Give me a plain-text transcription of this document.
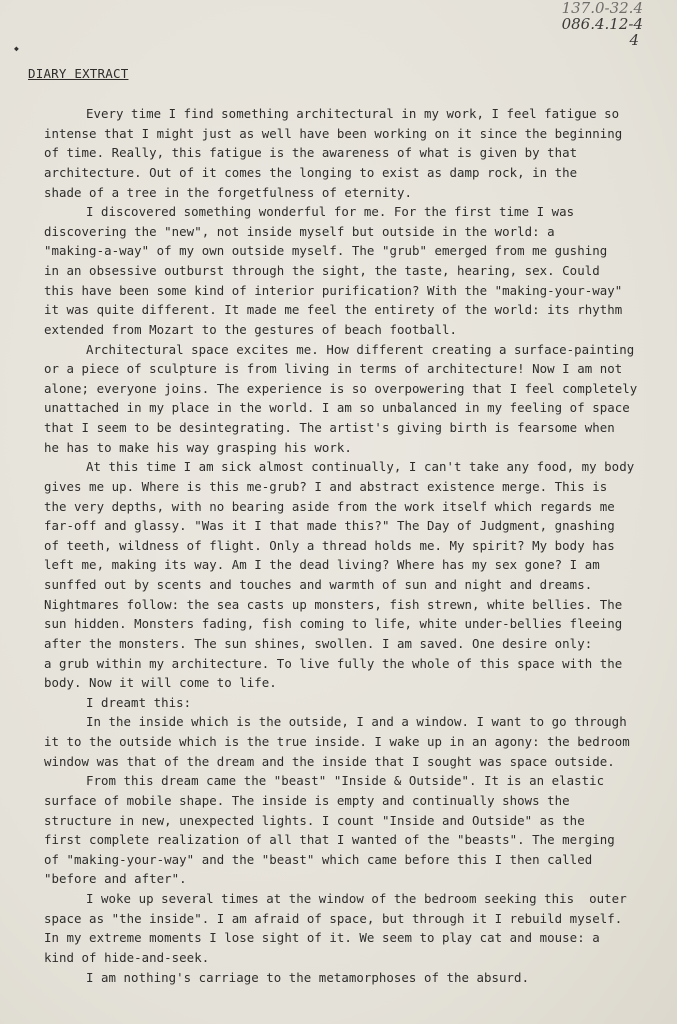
137.0-32.4
086.4.12-4
4
◆
DIARY EXTRACT
Every time I find something architectural in my work, I feel fatigue so
intense that I might just as well have been working on it since the beginning
of time. Really, this fatigue is the awareness of what is given by that
architecture. Out of it comes the longing to exist as damp rock, in the
shade of a tree in the forgetfulness of eternity.
I discovered something wonderful for me. For the first time I was
discovering the "new", not inside myself but outside in the world: a
"making-a-way" of my own outside myself. The "grub" emerged from me gushing
in an obsessive outburst through the sight, the taste, hearing, sex. Could
this have been some kind of interior purification? With the "making-your-way"
it was quite different. It made me feel the entirety of the world: its rhythm
extended from Mozart to the gestures of beach football.
Architectural space excites me. How different creating a surface-painting
or a piece of sculpture is from living in terms of architecture! Now I am not
alone; everyone joins. The experience is so overpowering that I feel completely
unattached in my place in the world. I am so unbalanced in my feeling of space
that I seem to be desintegrating. The artist's giving birth is fearsome when
he has to make his way grasping his work.
At this time I am sick almost continually, I can't take any food, my body
gives me up. Where is this me-grub? I and abstract existence merge. This is
the very depths, with no bearing aside from the work itself which regards me
far-off and glassy. "Was it I that made this?" The Day of Judgment, gnashing
of teeth, wildness of flight. Only a thread holds me. My spirit? My body has
left me, making its way. Am I the dead living? Where has my sex gone? I am
sunffed out by scents and touches and warmth of sun and night and dreams.
Nightmares follow: the sea casts up monsters, fish strewn, white bellies. The
sun hidden. Monsters fading, fish coming to life, white under-bellies fleeing
after the monsters. The sun shines, swollen. I am saved. One desire only:
a grub within my architecture. To live fully the whole of this space with the
body. Now it will come to life.
I dreamt this:
In the inside which is the outside, I and a window. I want to go through
it to the outside which is the true inside. I wake up in an agony: the bedroom
window was that of the dream and the inside that I sought was space outside.
From this dream came the "beast" "Inside & Outside". It is an elastic
surface of mobile shape. The inside is empty and continually shows the
structure in new, unexpected lights. I count "Inside and Outside" as the
first complete realization of all that I wanted of the "beasts". The merging
of "making-your-way" and the "beast" which came before this I then called
"before and after".
I woke up several times at the window of the bedroom seeking this  outer
space as "the inside". I am afraid of space, but through it I rebuild myself.
In my extreme moments I lose sight of it. We seem to play cat and mouse: a
kind of hide-and-seek.
I am nothing's carriage to the metamorphoses of the absurd.
